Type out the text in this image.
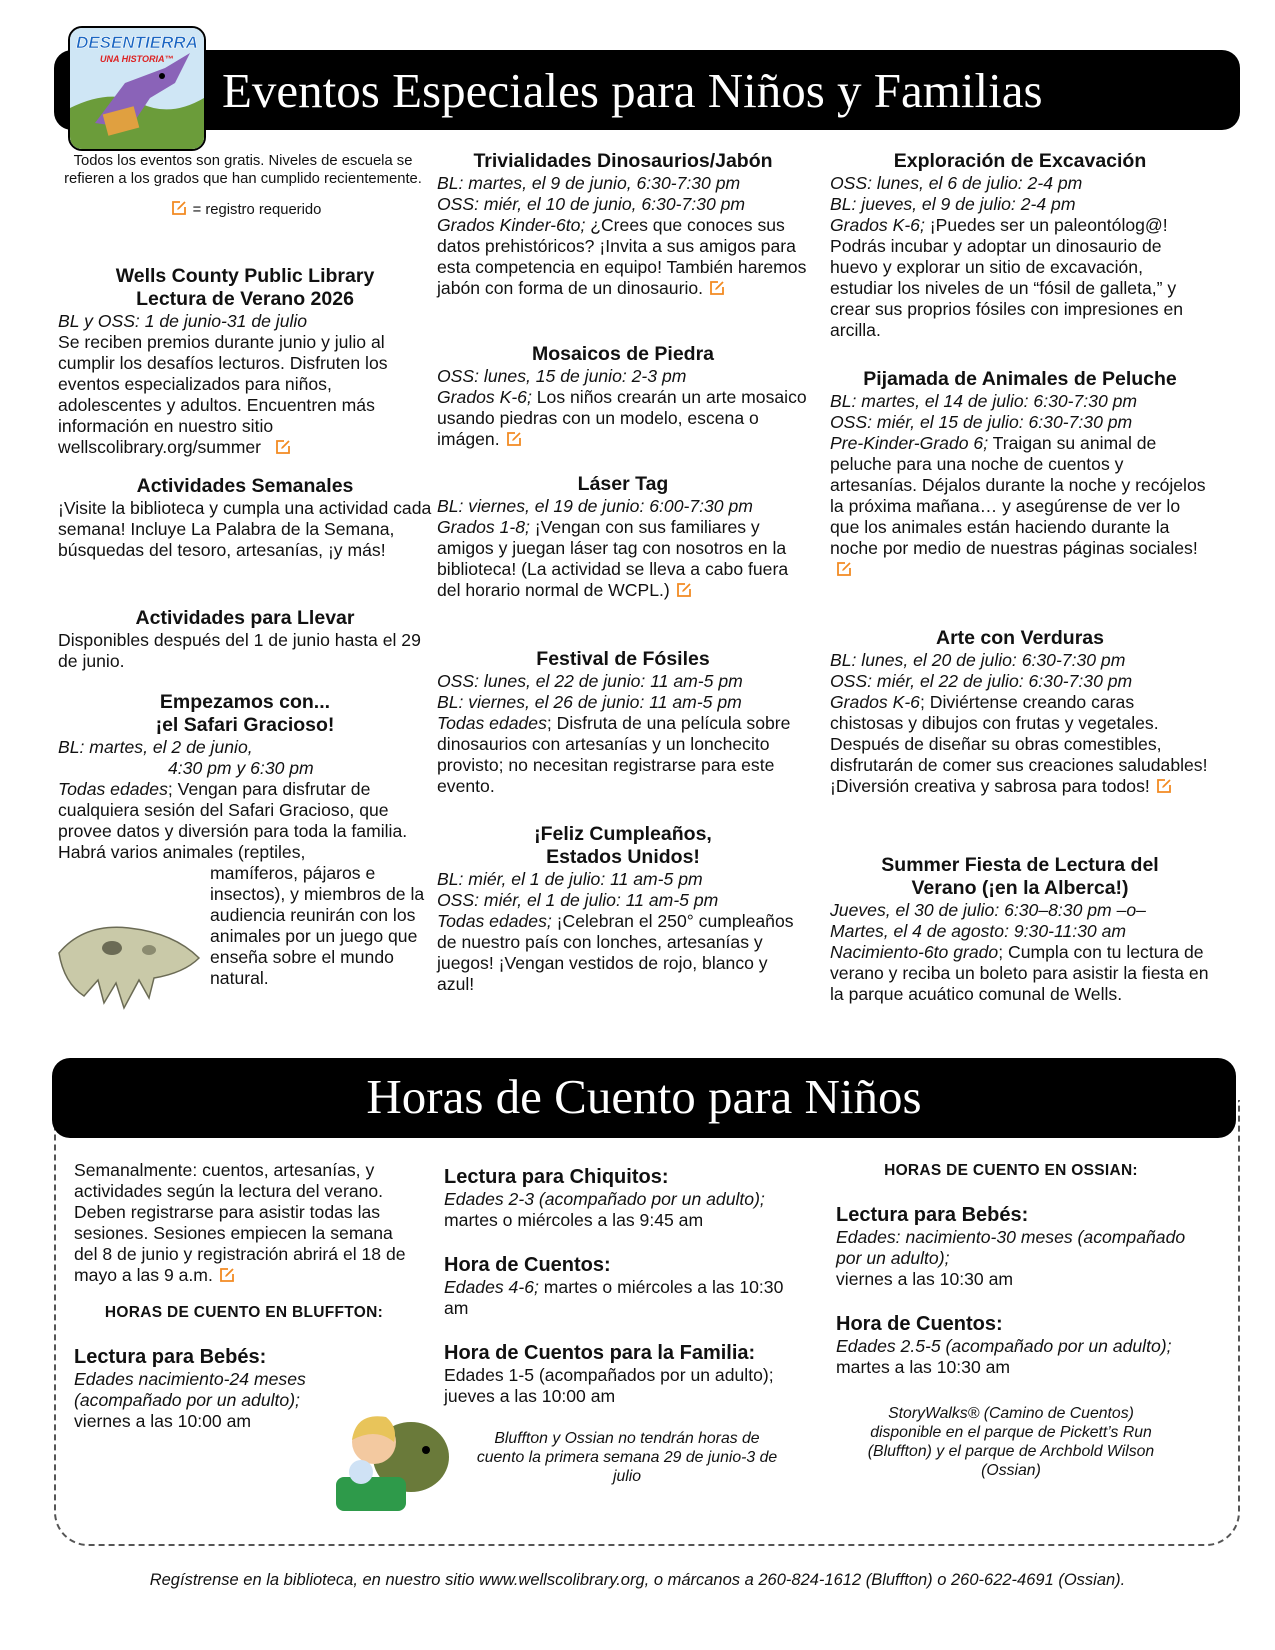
Eventos Especiales para Niños y Familias
DESENTIERRA
UNA HISTORIA™

Todos los eventos son gratis. Niveles de escuela se refieren a los grados que han cumplido recientemente.

= registro requerido

Wells County Public Library

Lectura de Verano 2026

BL y OSS: 1 de junio-31 de julio

Se reciben premios durante junio y julio al cumplir los desafíos lecturos. Disfruten los eventos especializados para niños, adolescentes y adultos. Encuentren más información en nuestro sitio wellscolibrary.org/summer

Actividades Semanales

¡Visite la biblioteca y cumpla una actividad cada semana! Incluye La Palabra de la Semana, búsquedas del tesoro, artesanías, ¡y más!

Actividades para Llevar

Disponibles después del 1 de junio hasta el 29 de junio.

Empezamos con...

¡el Safari Gracioso!

BL: martes, el 2 de junio,

4:30 pm y 6:30 pm

Todas edades; Vengan para disfrutar de cualquiera sesión del Safari Gracioso, que provee datos y diversión para toda la familia. Habrá varios animales (reptiles,

mamíferos, pájaros e insectos), y miembros de la audiencia reunirán con los animales por un juego que enseña sobre el mundo natural.

Trivialidades Dinosaurios/Jabón

BL: martes, el 9 de junio, 6:30-7:30 pm

OSS: miér, el 10 de junio, 6:30-7:30 pm

Grados Kinder-6to; ¿Crees que conoces sus datos prehistóricos? ¡Invita a sus amigos para esta competencia en equipo! También haremos jabón con forma de un dinosaurio.

Mosaicos de Piedra

OSS: lunes, 15 de junio: 2-3 pm

Grados K-6; Los niños crearán un arte mosaico usando piedras con un modelo, escena o imágen.

Láser Tag

BL: viernes, el 19 de junio: 6:00-7:30 pm

Grados 1-8; ¡Vengan con sus familiares y amigos y juegan láser tag con nosotros en la biblioteca! (La actividad se lleva a cabo fuera del horario normal de WCPL.)

Festival de Fósiles

OSS: lunes, el 22 de junio: 11 am-5 pm

BL: viernes, el 26 de junio: 11 am-5 pm

Todas edades; Disfruta de una película sobre dinosaurios con artesanías y un lonchecito provisto; no necesitan registrarse para este evento.

¡Feliz Cumpleaños,

Estados Unidos!

BL: miér, el 1 de julio: 11 am-5 pm

OSS: miér, el 1 de julio: 11 am-5 pm

Todas edades; ¡Celebran el 250° cumpleaños de nuestro país con lonches, artesanías y juegos! ¡Vengan vestidos de rojo, blanco y azul!

Exploración de Excavación

OSS: lunes, el 6 de julio: 2-4 pm

BL: jueves, el 9 de julio: 2-4 pm

Grados K-6; ¡Puedes ser un paleontólog@! Podrás incubar y adoptar un dinosaurio de huevo y explorar un sitio de excavación, estudiar los niveles de un “fósil de galleta,” y crear sus proprios fósiles con impresiones en arcilla.

Pijamada de Animales de Peluche

BL: martes, el 14 de julio: 6:30-7:30 pm

OSS: miér, el 15 de julio: 6:30-7:30 pm

Pre-Kinder-Grado 6; Traigan su animal de peluche para una noche de cuentos y artesanías. Déjalos durante la noche y recójelos la próxima mañana… y asegúrense de ver lo que los animales están haciendo durante la noche por medio de nuestras páginas sociales!

Arte con Verduras

BL: lunes, el 20 de julio: 6:30-7:30 pm

OSS: miér, el 22 de julio: 6:30-7:30 pm

Grados K-6; Diviértense creando caras chistosas y dibujos con frutas y vegetales. Después de diseñar su obras comestibles, disfrutarán de comer sus creaciones saludables! ¡Diversión creativa y sabrosa para todos!

Summer Fiesta de Lectura del

Verano (¡en la Alberca!)

Jueves, el 30 de julio: 6:30–8:30 pm –o–

Martes, el 4 de agosto: 9:30-11:30 am

Nacimiento-6to grado; Cumpla con tu lectura de verano y reciba un boleto para asistir la fiesta en la parque acuático comunal de Wells.

Horas de Cuento para Niños

Semanalmente: cuentos, artesanías, y actividades según la lectura del verano. Deben registrarse para asistir todas las sesiones. Sesiones empiecen la semana del 8 de junio y registración abrirá el 18 de mayo a las 9 a.m.

HORAS DE CUENTO EN BLUFFTON:

Lectura para Bebés:

Edades nacimiento-24 meses (acompañado por un adulto);

viernes a las 10:00 am

Lectura para Chiquitos:

Edades 2-3 (acompañado por un adulto); martes o miércoles a las 9:45 am

Hora de Cuentos:

Edades 4-6; martes o miércoles a las 10:30 am

Hora de Cuentos para la Familia:

Edades 1-5 (acompañados por un adulto); jueves a las 10:00 am

Bluffton y Ossian no tendrán horas de cuento la primera semana 29 de junio-3 de julio

HORAS DE CUENTO EN OSSIAN:

Lectura para Bebés:

Edades: nacimiento-30 meses (acompañado por un adulto);

viernes a las 10:30 am

Hora de Cuentos:

Edades 2.5-5 (acompañado por un adulto); martes a las 10:30 am

StoryWalks® (Camino de Cuentos) disponible en el parque de Pickett’s Run (Bluffton) y el parque de Archbold Wilson (Ossian)

Regístrense en la biblioteca, en nuestro sitio www.wellscolibrary.org, o márcanos a 260-824-1612 (Bluffton) o 260-622-4691 (Ossian).
